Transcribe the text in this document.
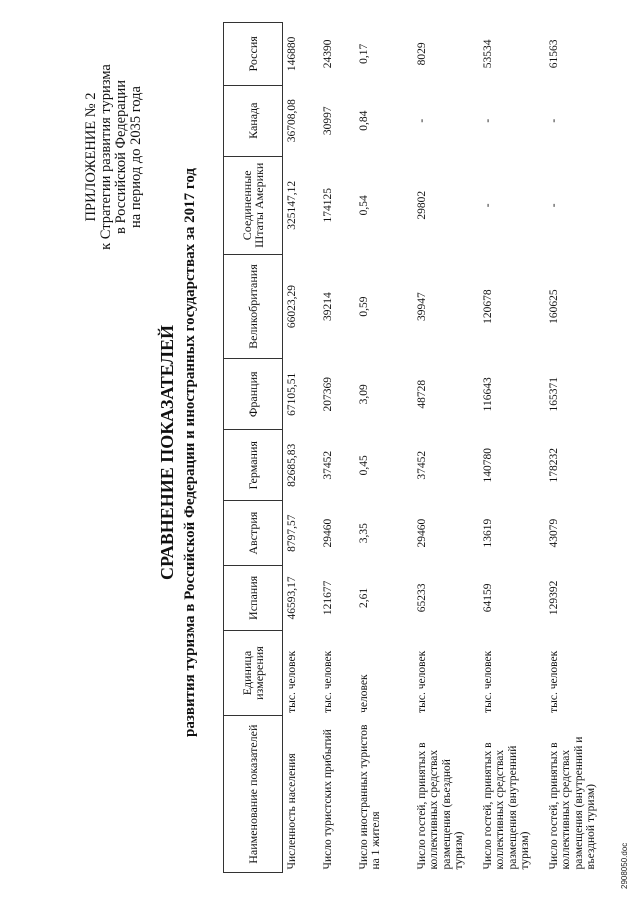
ПРИЛОЖЕНИЕ № 2 к Стратегии развития туризма в Российской Федерации на период до 2035 года
СРАВНЕНИЕ ПОКАЗАТЕЛЕЙ развития туризма в Российской Федерации и иностранных государствах за 2017 год
Наименование показателей	Единица измерения	Испания	Австрия	Германия	Франция	Великобритания	Соединенные Штаты Америки	Канада	Россия
Численность населения	тыс. человек	46593,17	8797,57	82685,83	67105,51	66023,29	325147,12	36708,08	146880
Число туристских прибытий	тыс. человек	121677	29460	37452	207369	39214	174125	30997	24390
Число иностранных туристов на 1 жителя	человек	2,61	3,35	0,45	3,09	0,59	0,54	0,84	0,17
Число гостей, принятых в коллективных средствах размещения (въездной туризм)	тыс. человек	65233	29460	37452	48728	39947	29802	-	8029
Число гостей, принятых в коллективных средствах размещения (внутренний туризм)	тыс. человек	64159	13619	140780	116643	120678	-	-	53534
Число гостей, принятых в коллективных средствах размещения (внутренний и въездной туризм)	тыс. человек	129392	43079	178232	165371	160625	-	-	61563
2908050.doc
